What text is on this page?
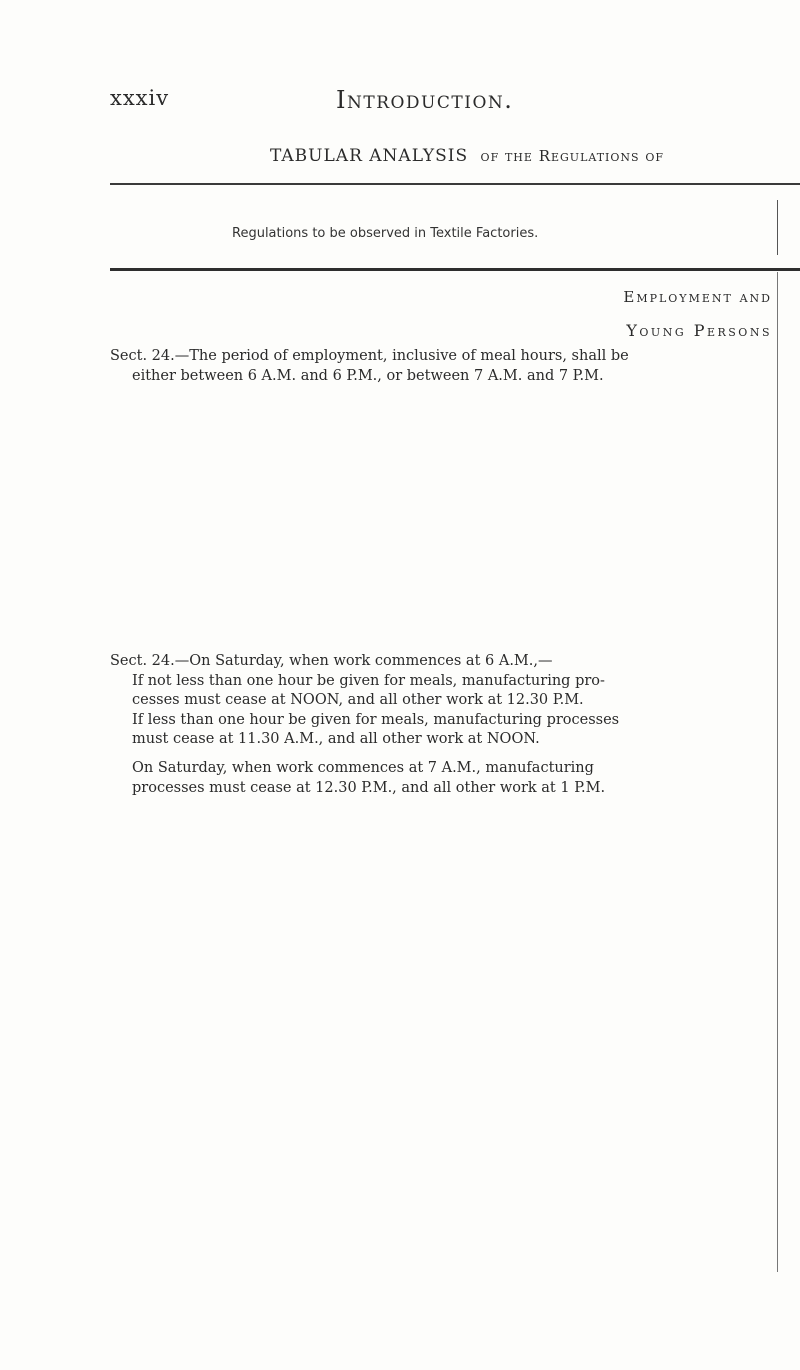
xxxiv	Introduction.
TABULAR ANALYSIS of the Regulations of
Regulations to be observed in Textile Factories.
Employment and
Young Persons
Sect. 24.—The period of employment, inclusive of meal hours, shall be
either between 6 A.M. and 6 P.M., or between 7 A.M. and 7 P.M.
Sect. 24.—On Saturday, when work commences at 6 A.M.,—
If not less than one hour be given for meals, manufacturing pro-
cesses must cease at NOON, and all other work at 12.30 P.M.
If less than one hour be given for meals, manufacturing processes
must cease at 11.30 A.M., and all other work at NOON.
On Saturday, when work commences at 7 A.M., manufacturing
processes must cease at 12.30 P.M., and all other work at 1 P.M.
